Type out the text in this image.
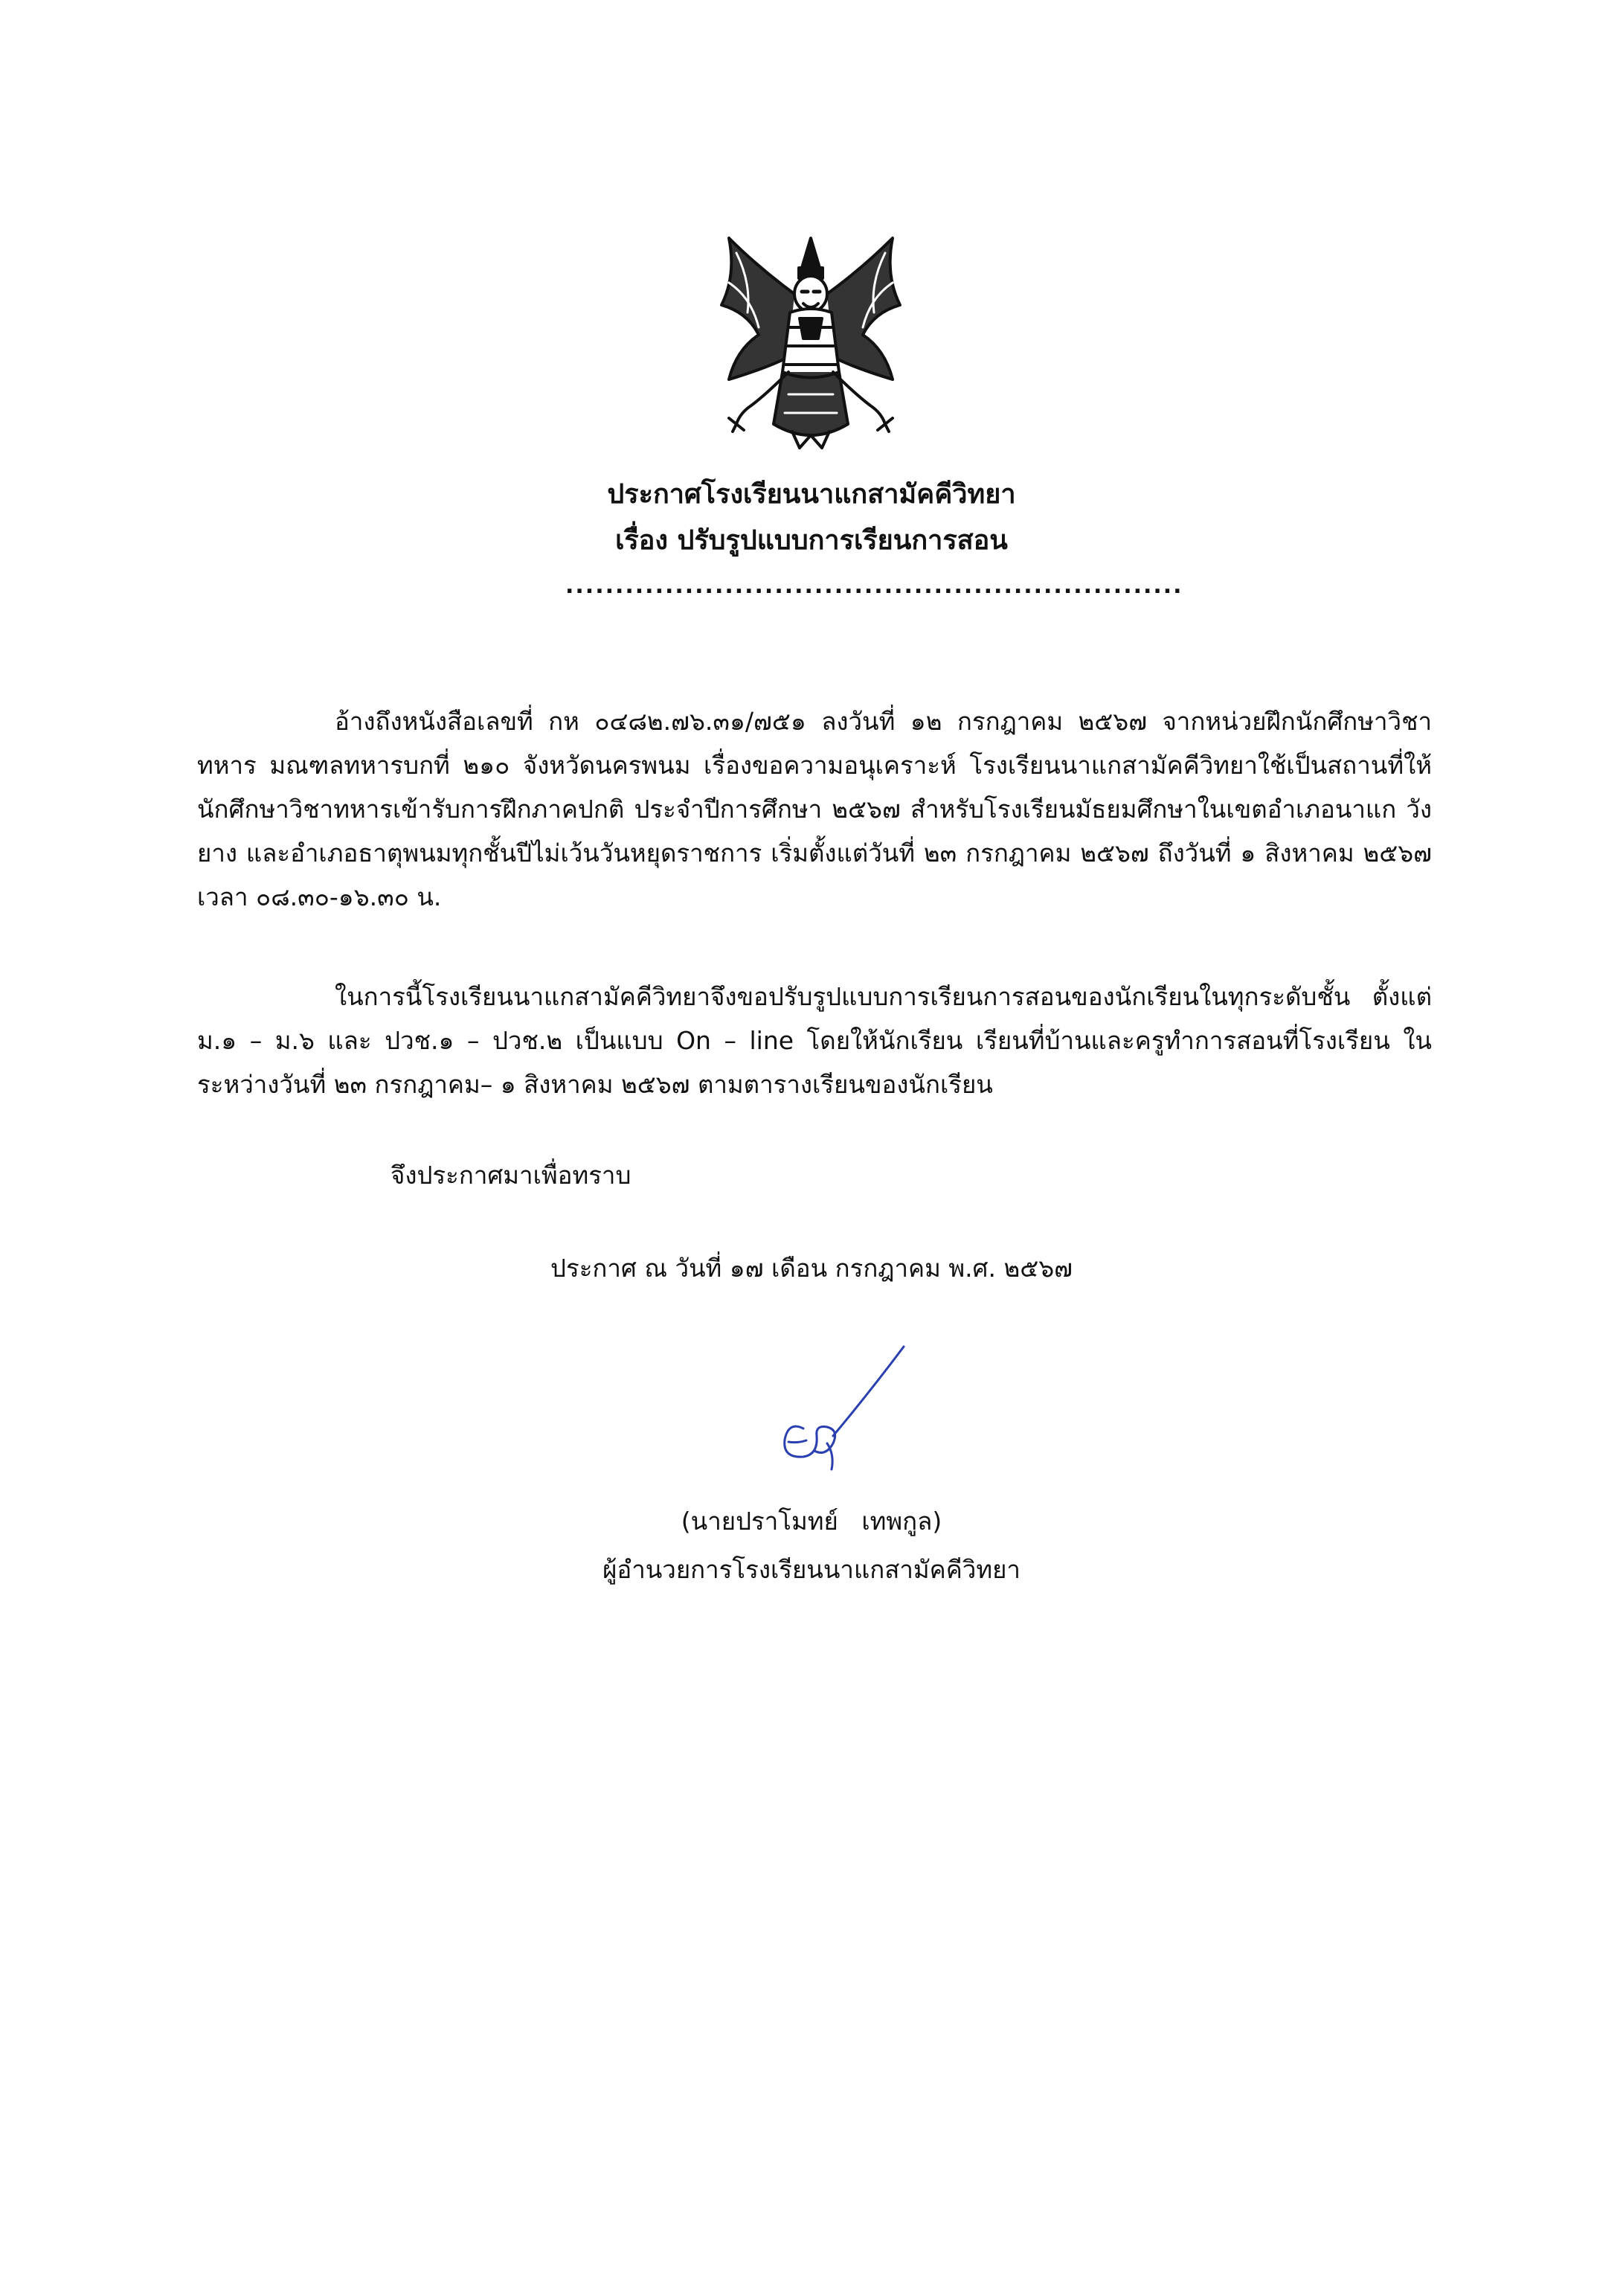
ประกาศโรงเรียนนาแกสามัคคีวิทยา
เรื่อง ปรับรูปแบบการเรียนการสอน
..............................................................
อ้างถึงหนังสือเลขที่ กห ๐๔๘๒.๗๖.๓๑/๗๕๑ ลงวันที่ ๑๒ กรกฎาคม ๒๕๖๗ จากหน่วยฝึกนักศึกษาวิชาทหาร มณฑลทหารบกที่ ๒๑๐ จังหวัดนครพนม เรื่องขอความอนุเคราะห์ โรงเรียนนาแกสามัคคีวิทยาใช้เป็นสถานที่ให้นักศึกษาวิชาทหารเข้ารับการฝึกภาคปกติ ประจำปีการศึกษา ๒๕๖๗ สำหรับโรงเรียนมัธยมศึกษาในเขตอำเภอนาแก วังยาง และอำเภอธาตุพนมทุกชั้นปีไม่เว้นวันหยุดราชการ เริ่มตั้งแต่วันที่ ๒๓ กรกฎาคม ๒๕๖๗ ถึงวันที่ ๑ สิงหาคม ๒๕๖๗ เวลา ๐๘.๓๐-๑๖.๓๐ น.
ในการนี้โรงเรียนนาแกสามัคคีวิทยาจึงขอปรับรูปแบบการเรียนการสอนของนักเรียนในทุกระดับชั้น ตั้งแต่ ม.๑ – ม.๖ และ ปวช.๑ – ปวช.๒ เป็นแบบ On – line โดยให้นักเรียน เรียนที่บ้านและครูทำการสอนที่โรงเรียน ในระหว่างวันที่ ๒๓ กรกฎาคม– ๑ สิงหาคม ๒๕๖๗ ตามตารางเรียนของนักเรียน
จึงประกาศมาเพื่อทราบ
ประกาศ ณ วันที่ ๑๗ เดือน กรกฎาคม พ.ศ. ๒๕๖๗
(นายปราโมทย์   เทพกูล)
ผู้อำนวยการโรงเรียนนาแกสามัคคีวิทยา
